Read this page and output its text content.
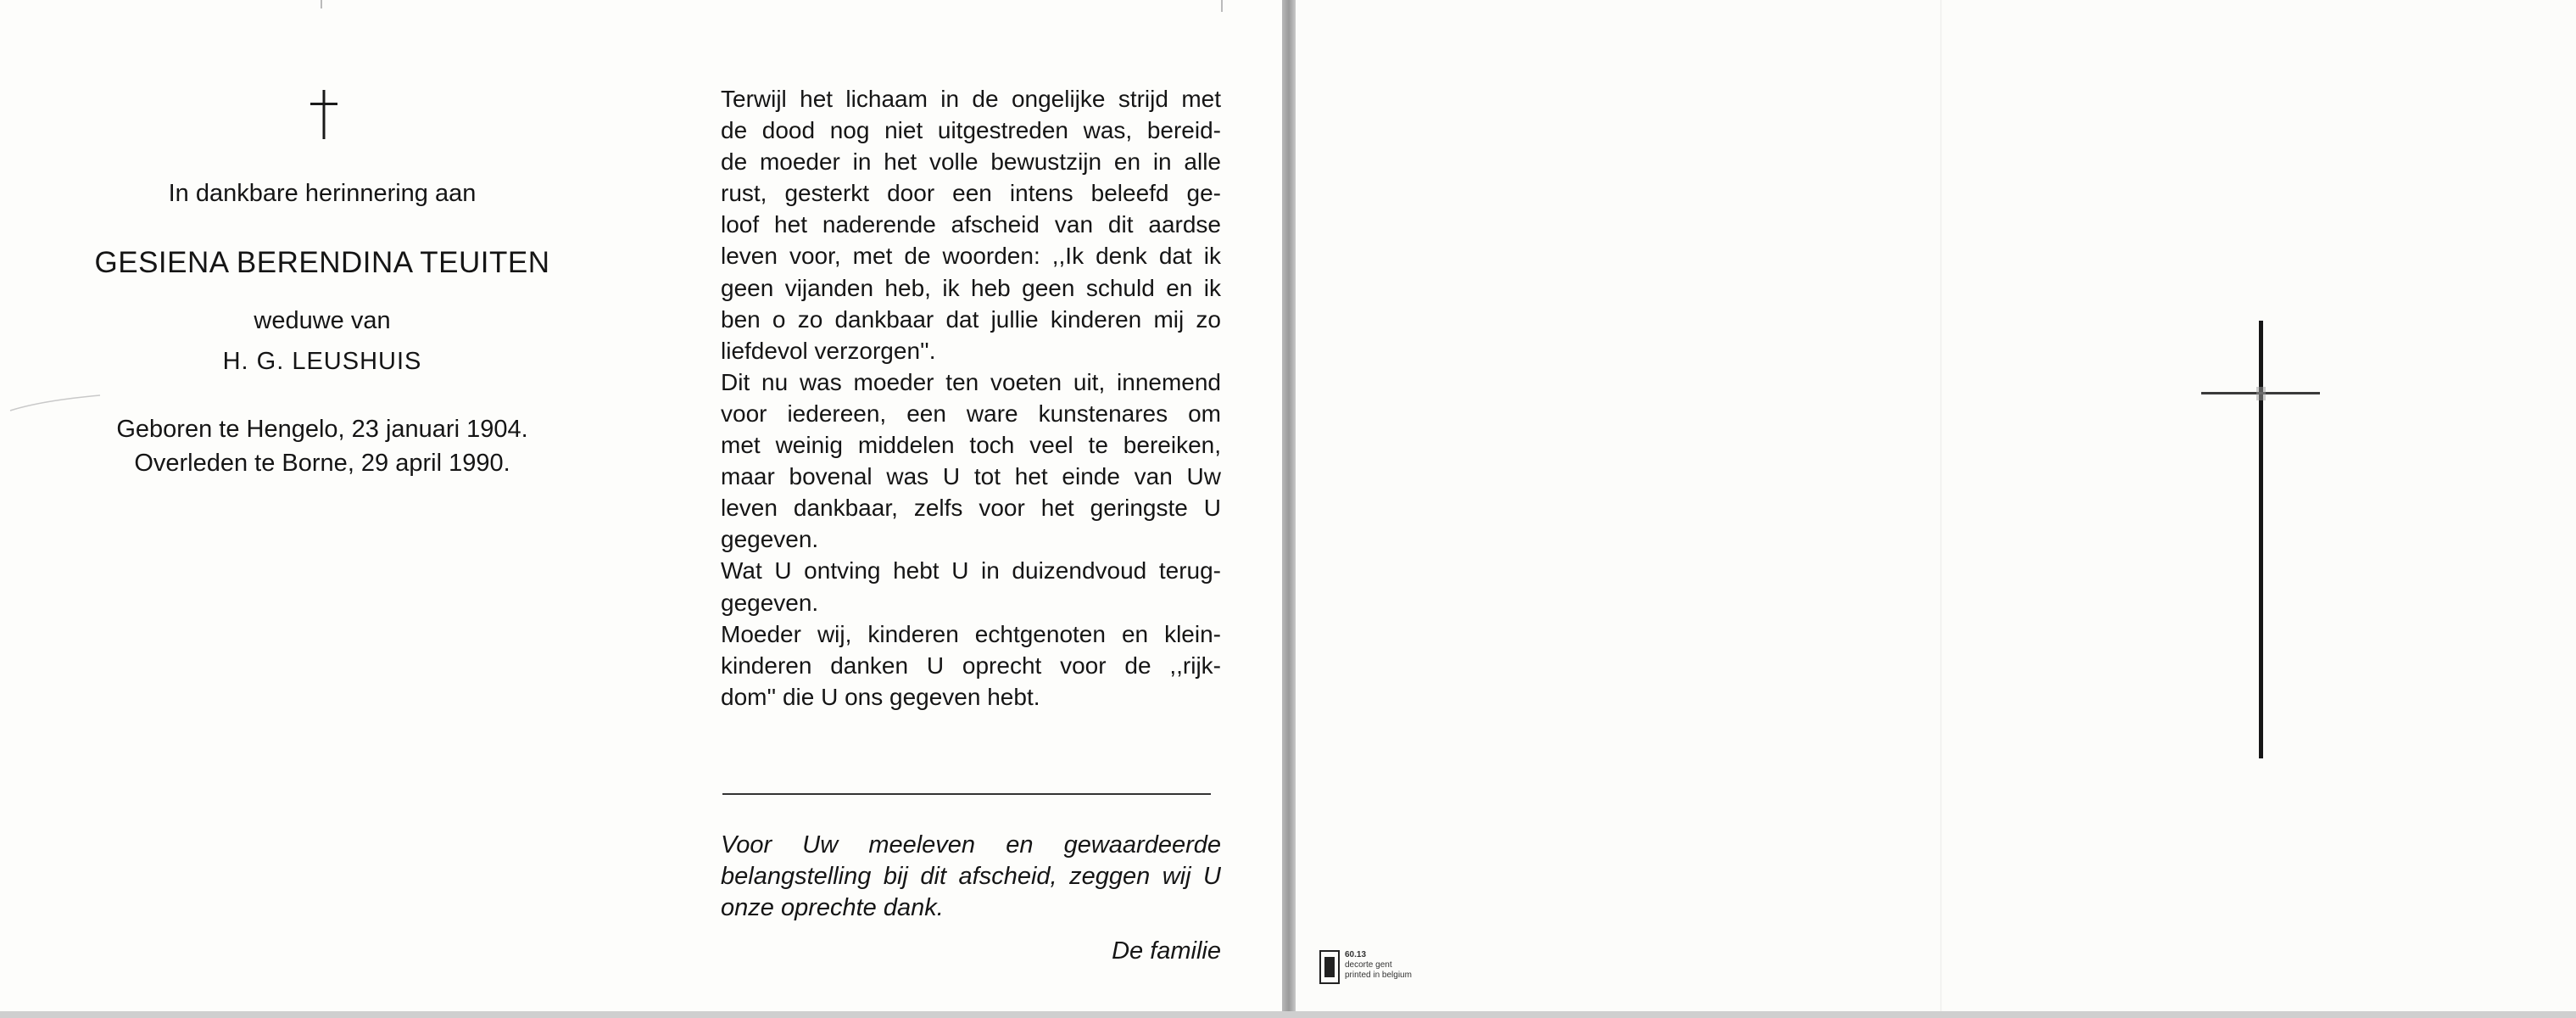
In dankbare herinnering aan
GESIENA BERENDINA TEUITEN
weduwe van
H. G. LEUSHUIS
Geboren te Hengelo, 23 januari 1904.
Overleden te Borne, 29 april 1990.
Terwijl het lichaam in de ongelijke strijd met
de dood nog niet uitgestreden was, bereid-
de moeder in het volle bewustzijn en in alle
rust, gesterkt door een intens beleefd ge-
loof het naderende afscheid van dit aardse
leven voor, met de woorden: ,,Ik denk dat ik
geen vijanden heb, ik heb geen schuld en ik
ben o zo dankbaar dat jullie kinderen mij zo
liefdevol verzorgen''.
Dit nu was moeder ten voeten uit, innemend
voor iedereen, een ware kunstenares om
met weinig middelen toch veel te bereiken,
maar bovenal was U tot het einde van Uw
leven dankbaar, zelfs voor het geringste U
gegeven.
Wat U ontving hebt U in duizendvoud terug-
gegeven.
Moeder wij, kinderen echtgenoten en klein-
kinderen danken U oprecht voor de ,,rijk-
dom'' die U ons gegeven hebt.
Voor Uw meeleven en gewaardeerde
belangstelling bij dit afscheid, zeggen wij U
onze oprechte dank.
De familie	60.13
decorte gent
printed in belgium
